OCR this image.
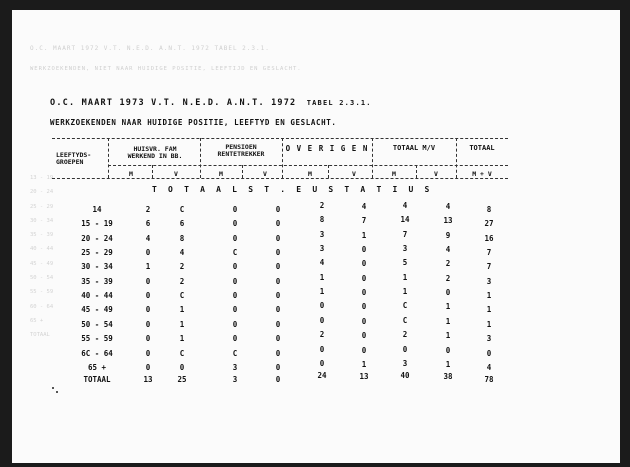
O.C. MAART 1972 V.T. N.E.D. A.N.T. 1972 TABEL 2.3.1.
WERKZOEKENDEN, NIET NAAR HUIDIGE POSITIE, LEEFTIJD EN GESLACHT.
13 - 19
20 - 24
25 - 29
30 - 34
35 - 39
40 - 44
45 - 49
50 - 54
55 - 59
60 - 64
65 +
TOTAAL
O.C. MAART 1973 V.T. N.E.D. A.N.T. 1972 TABEL 2.3.1.
WERKZOEKENDEN NAAR HUIDIGE POSITIE, LEEFTYD EN GESLACHT.
LEEFTYDS-
GROEPEN
HUISVR. FAM
WERKEND IN BB.
PENSIOEN
RENTETREKKER
O V E R I G E N	TOTAAL M/V	TOTAAL
M	V	M	V	M	V	M	V	M + V
T O T A A L S T . E U S T A T I U S
14	2	C	0	0	2	4	4	4	8
15 - 19	6	6	0	0	8	7	14	13	27
20 - 24	4	8	0	0	3	1	7	9	16
25 - 29	0	4	C	0	3	0	3	4	7
30 - 34	1	2	0	0	4	0	5	2	7
35 - 39	0	2	0	0	1	0	1	2	3
40 - 44	0	C	0	0	1	0	1	0	1
45 - 49	0	1	0	0	0	0	C	1	1
50 - 54	0	1	0	0	0	0	C	1	1
55 - 59	0	1	0	0	2	0	2	1	3
6C - 64	0	C	C	0	0	0	0	0	0
65 +	0	0	3	0	0	1	3	1	4
TOTAAL	13	25	3	0	24	13	40	38	78
